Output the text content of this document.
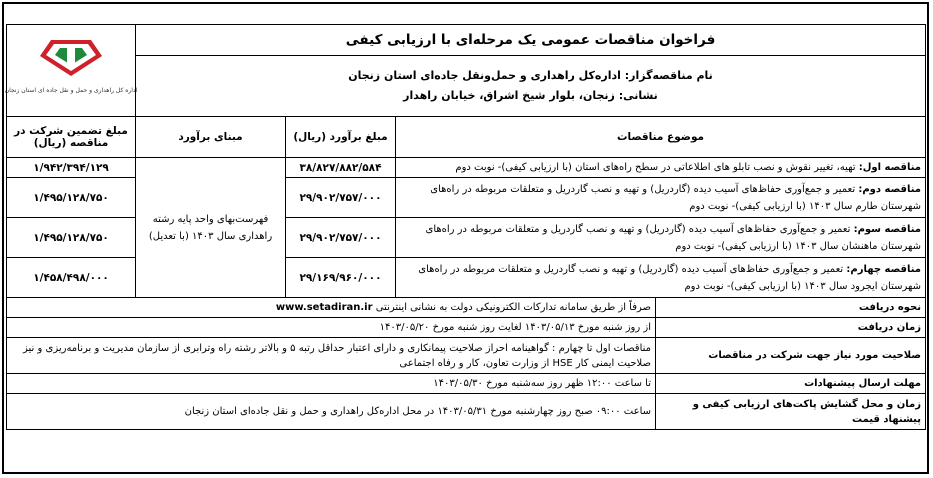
فراخوان مناقصات عمومی یک مرحله‌ای با ارزیابی کیفی				اداره کل راهداری و حمل و نقل جاده ای استان زنجان

نام مناقصه‌گزار: اداره‌کل راهداری و حمل‌ونقل جاده‌ای استان زنجان
نشانی: زنجان، بلوار شیخ اشراق، خیابان راهدار				

موضوع مناقصات		مبلغ برآورد (ریال)	مبنای برآورد	مبلغ تضمین شرکت در مناقصه (ریال)
مناقصه اول: تهیه، تغییر نقوش و نصب تابلو های اطلاعاتی در سطح راه‌های استان (با ارزیابی کیفی)- نوبت دوم		۳۸/۸۲۷/۸۸۲/۵۸۴	فهرست‌بهای واحد پایه رشته راهداری سال ۱۴۰۳ (با تعدیل)	۱/۹۴۲/۳۹۴/۱۲۹
مناقصه دوم: تعمیر و جمع‌آوری حفاظ‌های آسیب دیده (گاردریل) و تهیه و نصب گاردریل و متعلقات مربوطه در راه‌های شهرستان طارم سال ۱۴۰۳ (با ارزیابی کیفی)- نوبت دوم		۲۹/۹۰۲/۷۵۷/۰۰۰		۱/۴۹۵/۱۲۸/۷۵۰
مناقصه سوم: تعمیر و جمع‌آوری حفاظ‌های آسیب دیده (گاردریل) و تهیه و نصب گاردریل و متعلقات مربوطه در راه‌های شهرستان ماهنشان سال ۱۴۰۳ (با ارزیابی کیفی)- نوبت دوم		۲۹/۹۰۲/۷۵۷/۰۰۰		۱/۴۹۵/۱۲۸/۷۵۰
مناقصه چهارم: تعمیر و جمع‌آوری حفاظ‌های آسیب دیده (گاردریل) و تهیه و نصب گاردریل و متعلقات مربوطه در راه‌های شهرستان ایجرود سال ۱۴۰۳ (با ارزیابی کیفی)- نوبت دوم		۲۹/۱۶۹/۹۶۰/۰۰۰		۱/۴۵۸/۴۹۸/۰۰۰
نحوه دریافت	صرفاً از طریق سامانه تدارکات الکترونیکی دولت به نشانی اینترنتی www.setadiran.ir			
زمان دریافت	از روز شنبه مورخ ۱۴۰۳/۰۵/۱۳ لغایت روز شنبه مورخ ۱۴۰۳/۰۵/۲۰			
صلاحیت مورد نیاز جهت شرکت در مناقصات	مناقصات اول تا چهارم : گواهینامه احراز صلاحیت پیمانکاری و دارای اعتبار حداقل رتبه ۵ و بالاتر رشته راه وترابری از سازمان مدیریت و برنامه‌ریزی و نیز صلاحیت ایمنی کار HSE از وزارت تعاون، کار و رفاه اجتماعی			
مهلت ارسال پیشنهادات	تا ساعت ۱۲:۰۰ ظهر روز سه‌شنبه مورخ ۱۴۰۳/۰۵/۳۰			
زمان و محل گشایش پاکت‌های ارزیابی کیفی و پیشنهاد قیمت	ساعت ۰۹:۰۰ صبح روز چهارشنبه مورخ ۱۴۰۳/۰۵/۳۱ در محل اداره‌کل راهداری و حمل و نقل جاده‌ای استان زنجان			
